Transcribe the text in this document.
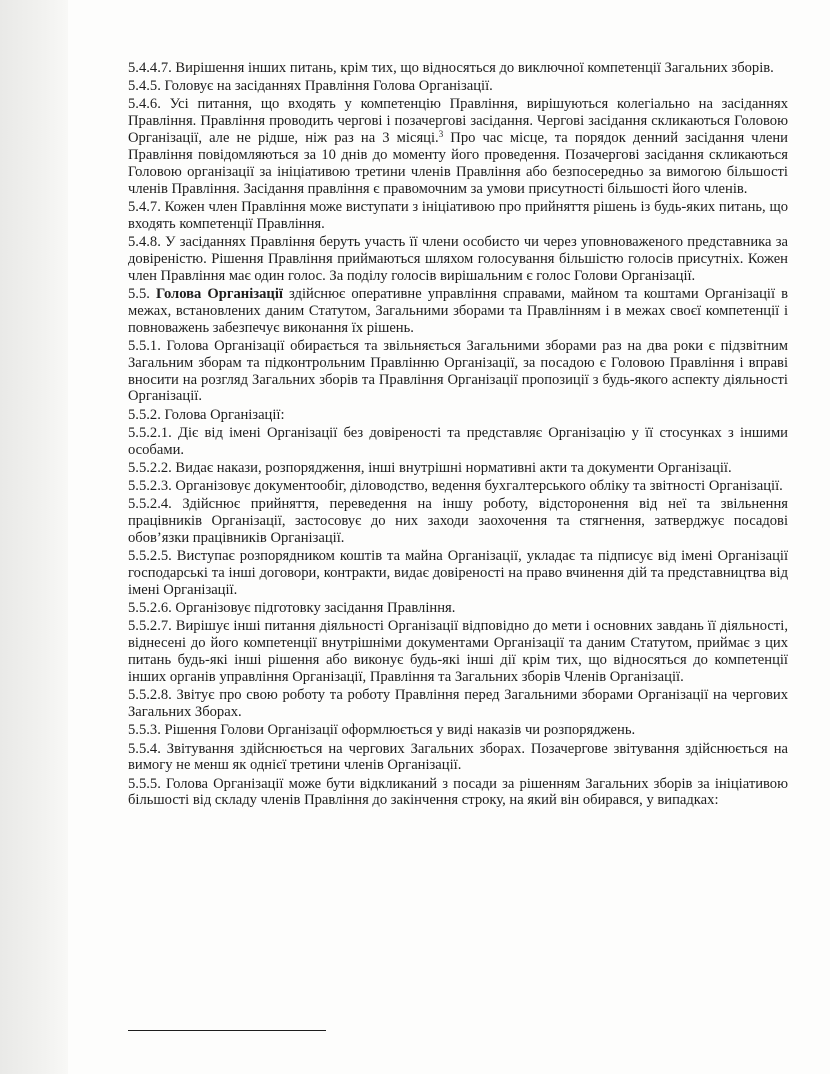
5.4.4.7. Вирішення інших питань, крім тих, що відносяться до виключної компетенції Загальних зборів.

5.4.5. Головує на засіданнях Правління Голова Організації.

5.4.6. Усі питання, що входять у компетенцію Правління, вирішуються колегіально на засіданнях Правління. Правління проводить чергові і позачергові засідання. Чергові засідання скликаються Головою Організації, але не рідше, ніж раз на 3 місяці.$^3$ Про час місце, та порядок денний засідання члени Правління повідомляються за 10 днів до моменту його проведення. Позачергові засідання скликаються Головою організації за ініціативою третини членів Правління або безпосередньо за вимогою більшості членів Правління. Засідання правління є правомочним за умови присутності більшості його членів.

5.4.7. Кожен член Правління може виступати з ініціативою про прийняття рішень із будь-яких питань, що входять компетенції Правління.

5.4.8. У засіданнях Правління беруть участь її члени особисто чи через уповноваженого представника за довіреністю. Рішення Правління приймаються шляхом голосування більшістю голосів присутніх. Кожен член Правління має один голос. За поділу голосів вирішальним є голос Голови Організації.

5.5. Голова Організації здійснює оперативне управління справами, майном та коштами Організації в межах, встановлених даним Статутом, Загальними зборами та Правлінням і в межах своєї компетенції і повноважень забезпечує виконання їх рішень.

5.5.1. Голова Організації обирається та звільняється Загальними зборами раз на два роки є підзвітним Загальним зборам та підконтрольним Правлінню Організації, за посадою є Головою Правління і вправі вносити на розгляд Загальних зборів та Правління Організації пропозиції з будь-якого аспекту діяльності Організації.

5.5.2. Голова Організації:

5.5.2.1. Діє від імені Організації без довіреності та представляє Організацію у її стосунках з іншими особами.

5.5.2.2. Видає накази, розпорядження, інші внутрішні нормативні акти та документи Організації.

5.5.2.3. Організовує документообіг, діловодство, ведення бухгалтерського обліку та звітності Організації.

5.5.2.4. Здійснює прийняття, переведення на іншу роботу, відсторонення від неї та звільнення працівників Організації, застосовує до них заходи заохочення та стягнення, затверджує посадові обов’язки працівників Організації.

5.5.2.5. Виступає розпорядником коштів та майна Організації, укладає та підписує від імені Організації господарські та інші договори, контракти, видає довіреності на право вчинення дій та представництва від імені Організації.

5.5.2.6. Організовує підготовку засідання Правління.

5.5.2.7. Вирішує інші питання діяльності Організації відповідно до мети і основних завдань її діяльності, віднесені до його компетенції внутрішніми документами Організації та даним Статутом, приймає з цих питань будь-які інші рішення або виконує будь-які інші дії крім тих, що відносяться до компетенції інших органів управління Організації, Правління та Загальних зборів Членів Організації.

5.5.2.8. Звітує про свою роботу та роботу Правління перед Загальними зборами Організації на чергових Загальних Зборах.

5.5.3. Рішення Голови Організації оформлюється у виді наказів чи розпоряджень.

5.5.4. Звітування здійснюється на чергових Загальних зборах. Позачергове звітування здійснюється на вимогу не менш як однієї третини членів Організації.

5.5.5. Голова Організації може бути відкликаний з посади за рішенням Загальних зборів за ініціативою більшості від складу членів Правління до закінчення строку, на який він обирався, у випадках:
